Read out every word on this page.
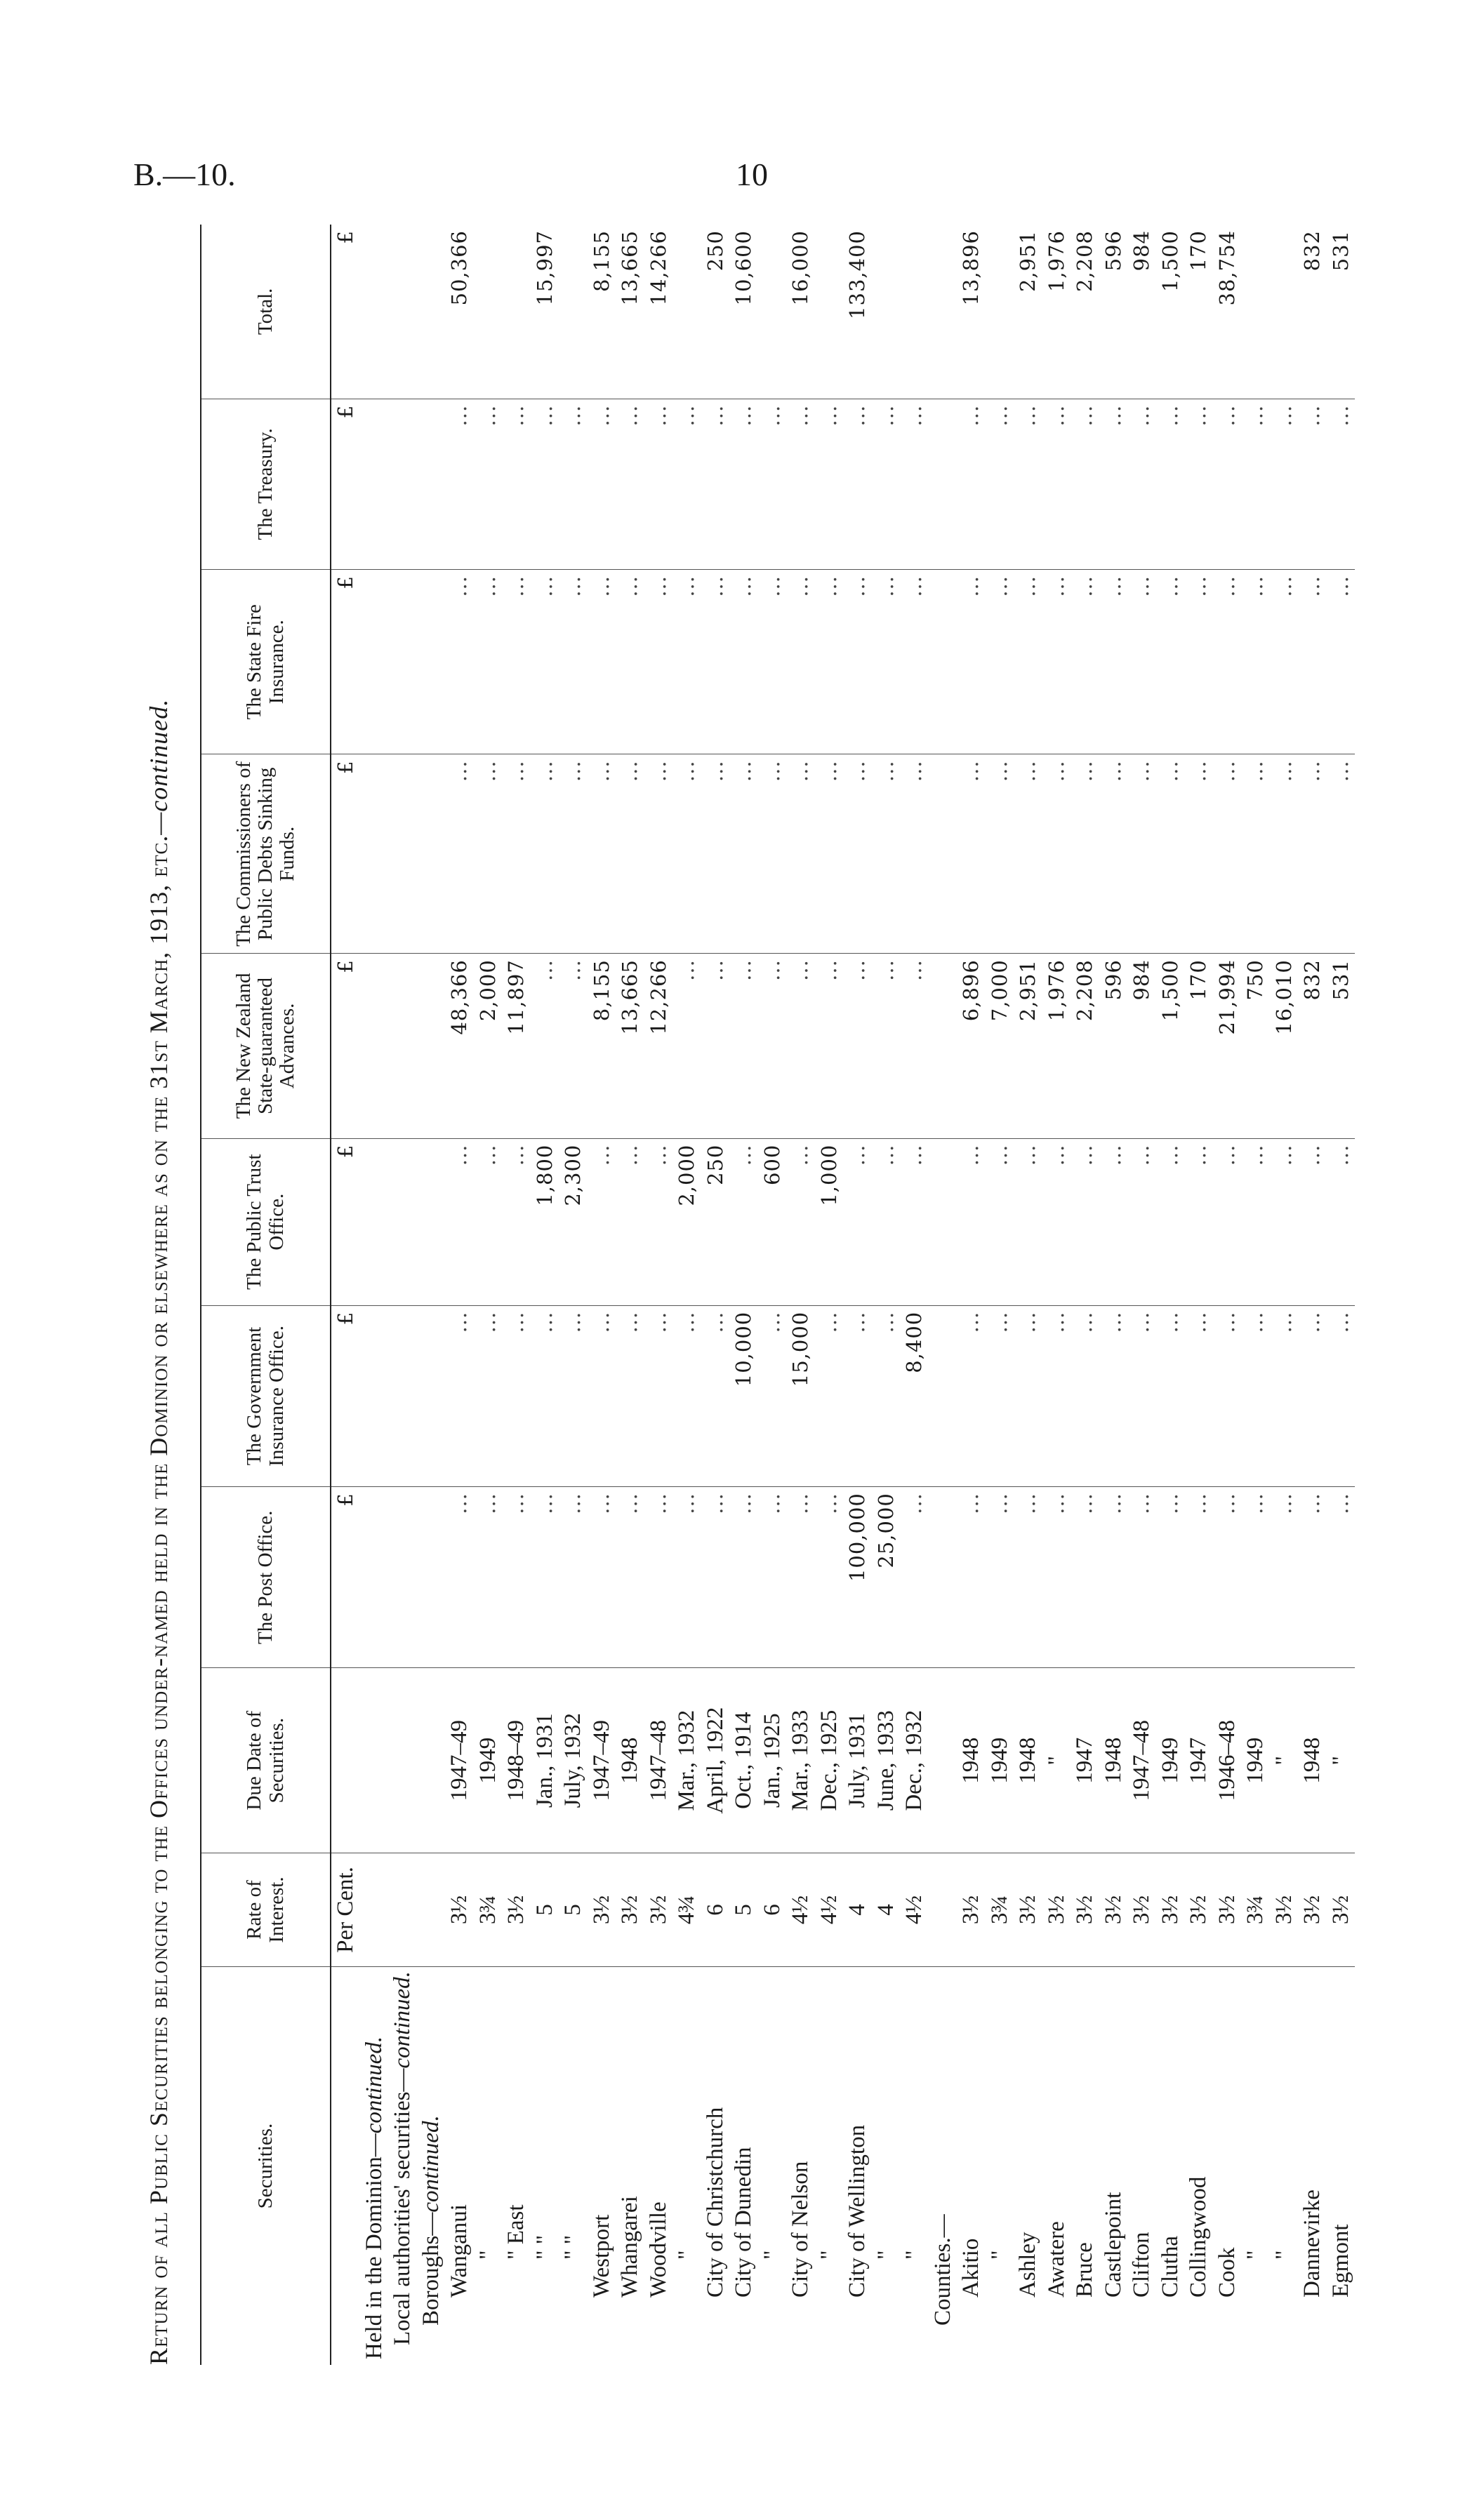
B.—10.	10
Return of all Public Securities belonging to the Offices under-named held in the Dominion or elsewhere as on the 31st March, 1913, etc.—continued.
Securities.	Rate of Interest.	Due Date of Securities.	The Post Office.	The Government Insurance Office.	The Public Trust Office.	The New Zealand State-guaranteed Advances.	The Commissioners of Public Debts Sinking Funds.	The State Fire Insurance.	The Treasury.	Total.
	Per Cent.		£	£	£	£	£	£	£	£
Held in the Dominion—continued.										
Local authorities' securities—continued.										
Boroughs—continued.										
Wanganui	3½	1947–49	...	...	...	48,366	...	...	...	50,366
"	3¾	1949	...	...	...	2,000	...	...	...	
" East	3½	1948–49	...	...	...	11,897	...	...	...	
" "	5	Jan., 1931	...	...	1,800	...	...	...	...	15,997
" "	5	July, 1932	...	...	2,300	...	...	...	...	
Westport	3½	1947–49	...	...	...	8,155	...	...	...	8,155
Whangarei	3½	1948	...	...	...	13,665	...	...	...	13,665
Woodville	3½	1947–48	...	...	...	12,266	...	...	...	14,266
"	4¾	Mar., 1932	...	...	2,000	...	...	...	...	
City of Christchurch	6	April, 1922	...	...	250	...	...	...	...	250
City of Dunedin	5	Oct., 1914	...	10,000	...	...	...	...	...	10,600
"	6	Jan., 1925	...	...	600	...	...	...	...	
City of Nelson	4½	Mar., 1933	...	15,000	...	...	...	...	...	16,000
"	4½	Dec., 1925	...	...	1,000	...	...	...	...	
City of Wellington	4	July, 1931	100,000	...	...	...	...	...	...	133,400
"	4	June, 1933	25,000	...	...	...	...	...	...	
"	4½	Dec., 1932	...	8,400	...	...	...	...	...	
Counties.—										
Akitio	3½	1948	...	...	...	6,896	...	...	...	13,896
"	3¾	1949	...	...	...	7,000	...	...	...	
Ashley	3½	1948	...	...	...	2,951	...	...	...	2,951
Awatere	3½	"	...	...	...	1,976	...	...	...	1,976
Bruce	3½	1947	...	...	...	2,208	...	...	...	2,208
Castlepoint	3½	1948	...	...	...	596	...	...	...	596
Clifton	3½	1947–48	...	...	...	984	...	...	...	984
Clutha	3½	1949	...	...	...	1,500	...	...	...	1,500
Collingwood	3½	1947	...	...	...	170	...	...	...	170
Cook	3½	1946–48	...	...	...	21,994	...	...	...	38,754
"	3¾	1949	...	...	...	750	...	...	...	
"	3½	"	...	...	...	16,010	...	...	...	
Dannevirke	3½	1948	...	...	...	832	...	...	...	832
Egmont	3½	"	...	...	...	531	...	...	...	531
